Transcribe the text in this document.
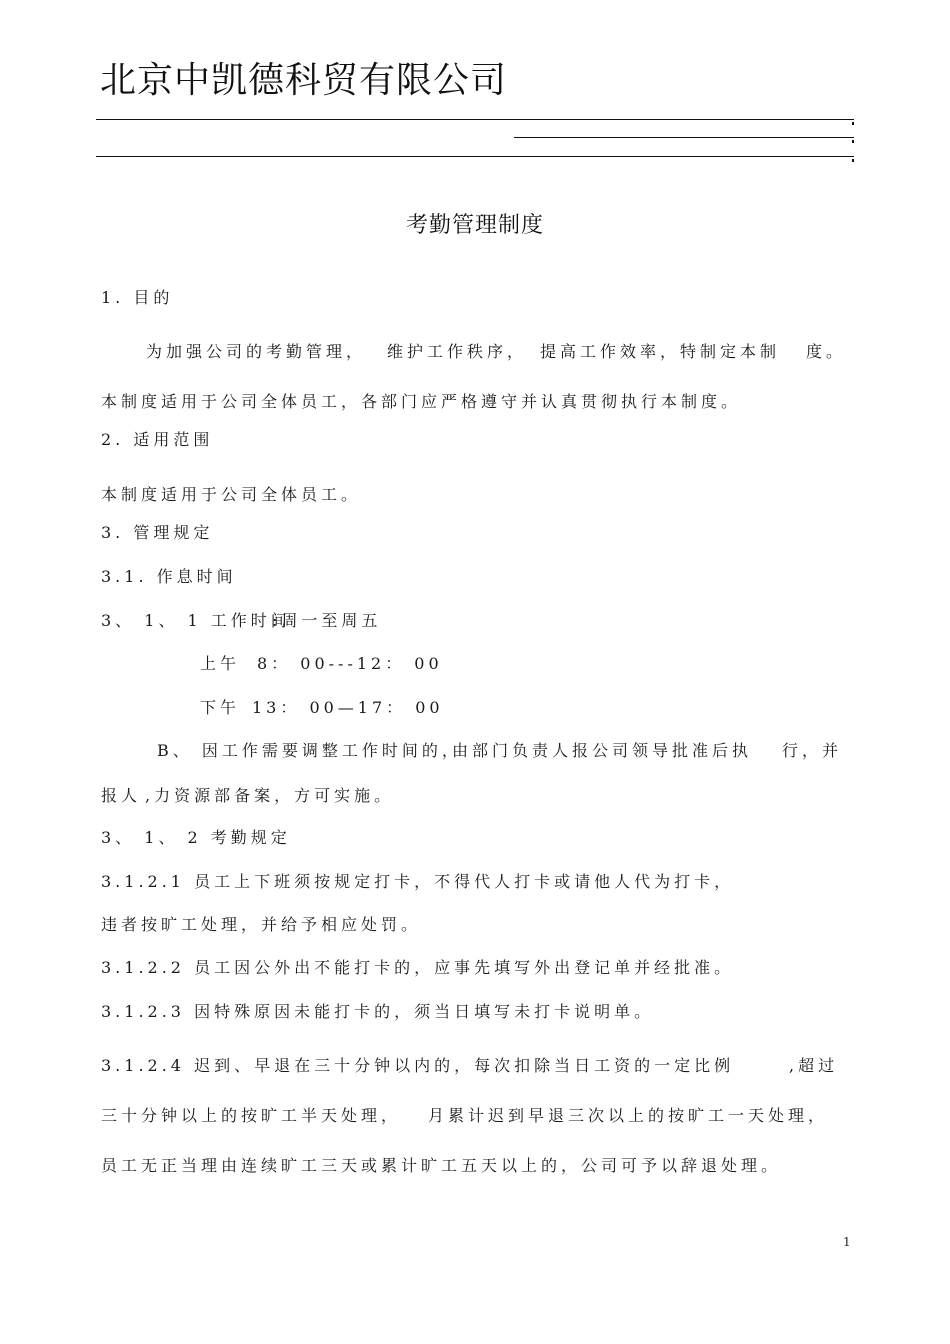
北京中凯德科贸有限公司
考勤管理制度
1. 目的
为加强公司的考勤管理， 维护工作秩序， 提高工作效率，特制定本制 度。
本制度适用于公司全体员工，各部门应严格遵守并认真贯彻执行本制度。
2. 适用范围
本制度适用于公司全体员工。
3. 管理规定
3.1. 作息时间
3、 1、 1 工作时间
:周一至周五
上午 8： 00---12： 00
下午 13： 00—17： 00
B、 因工作需要调整工作时间的，
由部门负责人报公司领导批准后执 行，并
报人 ,力资源部备案，方可实施。
3、 1、 2 考勤规定
3.1.2.1 员工上下班须按规定打卡，不得代人打卡或请他人代为打卡，
违者按旷工处理，并给予相应处罚。
3.1.2.2 员工因公外出不能打卡的，应事先填写外出登记单并经批准。
3.1.2.3 因特殊原因未能打卡的，须当日填写未打卡说明单。
3.1.2.4 迟到、早退在三十分钟以内的，每次扣除当日工资的一定比例	,超过
三十分钟以上的按旷工半天处理， 月累计迟到早退三次以上的按旷工一天处理，
员工无正当理由连续旷工三天或累计旷工五天以上的，公司可予以辞退处理。
1
